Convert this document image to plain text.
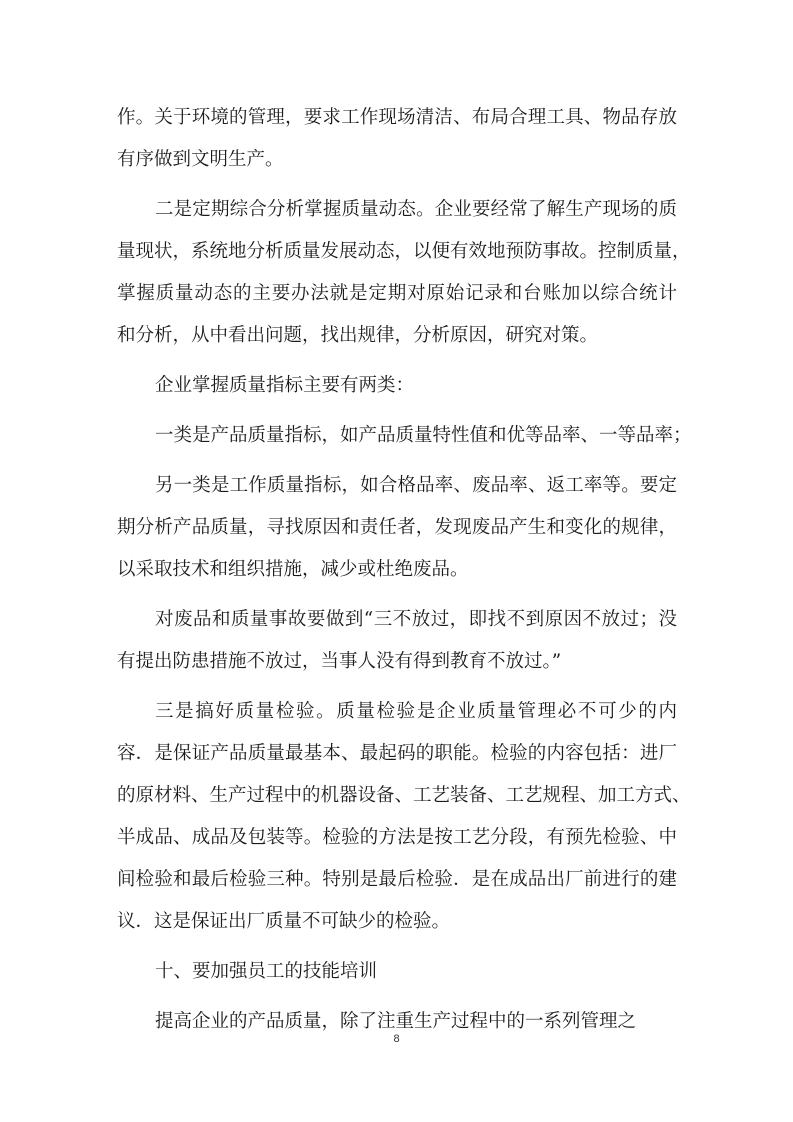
作。关于环境的管理，要求工作现场清洁、布局合理工具、物品存放
有序做到文明生产。
二是定期综合分析掌握质量动态。企业要经常了解生产现场的质
量现状，系统地分析质量发展动态，以便有效地预防事故。控制质量，
掌握质量动态的主要办法就是定期对原始记录和台账加以综合统计
和分析，从中看出问题，找出规律，分析原因，研究对策。
企业掌握质量指标主要有两类：
一类是产品质量指标，如产品质量特性值和优等品率、一等品率；
另一类是工作质量指标，如合格品率、废品率、返工率等。要定
期分析产品质量，寻找原因和责任者，发现废品产生和变化的规律，
以采取技术和组织措施，减少或杜绝废品。
对废品和质量事故要做到“三不放过，即找不到原因不放过；没
有提出防患措施不放过，当事人没有得到教育不放过。”
三是搞好质量检验。质量检验是企业质量管理必不可少的内
容．是保证产品质量最基本、最起码的职能。检验的内容包括：进厂
的原材料、生产过程中的机器设备、工艺装备、工艺规程、加工方式、
半成品、成品及包装等。检验的方法是按工艺分段，有预先检验、中
间检验和最后检验三种。特别是最后检验．是在成品出厂前进行的建
议．这是保证出厂质量不可缺少的检验。
十、要加强员工的技能培训
提高企业的产品质量，除了注重生产过程中的一系列管理之
8
